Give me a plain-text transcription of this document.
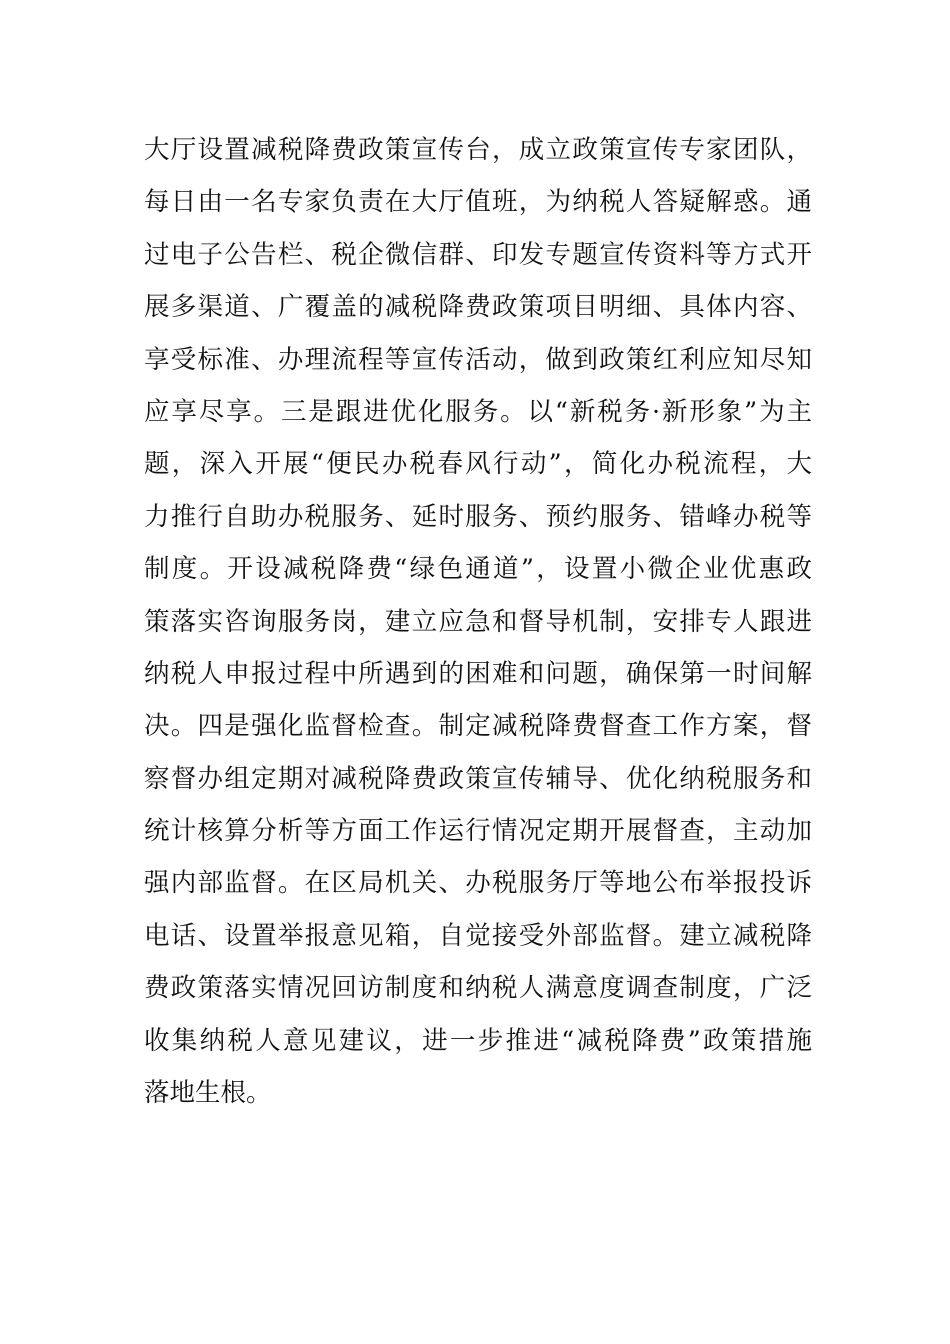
大厅设置减税降费政策宣传台，成立政策宣传专家团队，
每日由一名专家负责在大厅值班，为纳税人答疑解惑。通
过电子公告栏、税企微信群、印发专题宣传资料等方式开
展多渠道、广覆盖的减税降费政策项目明细、具体内容、
享受标准、办理流程等宣传活动，做到政策红利应知尽知
应享尽享。三是跟进优化服务。以“新税务·新形象”为主
题，深入开展“便民办税春风行动”，简化办税流程，大
力推行自助办税服务、延时服务、预约服务、错峰办税等
制度。开设减税降费“绿色通道”，设置小微企业优惠政
策落实咨询服务岗，建立应急和督导机制，安排专人跟进
纳税人申报过程中所遇到的困难和问题，确保第一时间解
决。四是强化监督检查。制定减税降费督查工作方案，督
察督办组定期对减税降费政策宣传辅导、优化纳税服务和
统计核算分析等方面工作运行情况定期开展督查，主动加
强内部监督。在区局机关、办税服务厅等地公布举报投诉
电话、设置举报意见箱，自觉接受外部监督。建立减税降
费政策落实情况回访制度和纳税人满意度调查制度，广泛
收集纳税人意见建议，进一步推进“减税降费”政策措施
落地生根。
